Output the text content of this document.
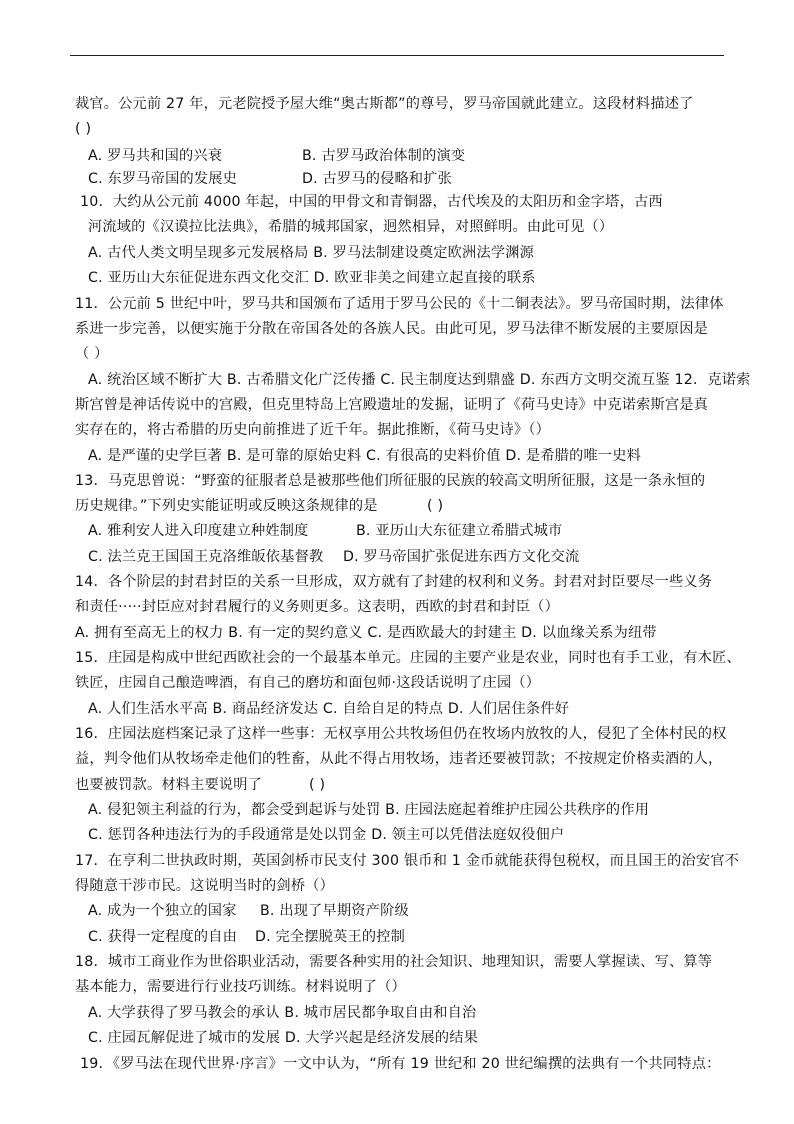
裁官。公元前 27 年，元老院授予屋大维“奥古斯都”的尊号，罗马帝国就此建立。这段材料描述了
( )
A. 罗马共和国的兴衰	B. 古罗马政治体制的演变
C. 东罗马帝国的发展史	D. 古罗马的侵略和扩张
10．大约从公元前 4000 年起，中国的甲骨文和青铜器，古代埃及的太阳历和金字塔，古西
河流域的《汉谟拉比法典》，希腊的城邦国家，迥然相异，对照鲜明。由此可见（）
A. 古代人类文明呈现多元发展格局 B. 罗马法制建设奠定欧洲法学渊源
C. 亚历山大东征促进东西文化交汇 D. 欧亚非美之间建立起直接的联系
11．公元前 5 世纪中叶，罗马共和国颁布了适用于罗马公民的《十二铜表法》。罗马帝国时期，法律体
系进一步完善，以便实施于分散在帝国各处的各族人民。由此可见，罗马法律不断发展的主要原因是
（ ）
A. 统治区域不断扩大 B. 古希腊文化广泛传播 C. 民主制度达到鼎盛 D. 东西方文明交流互鉴 12．克诺索
斯宫曾是神话传说中的宫殿，但克里特岛上宫殿遗址的发掘，证明了《荷马史诗》中克诺索斯宫是真
实存在的，将古希腊的历史向前推进了近千年。据此推断，《荷马史诗》（）
A. 是严谨的史学巨著 B. 是可靠的原始史料 C. 有很高的史料价值 D. 是希腊的唯一史料
13．马克思曾说：“野蛮的征服者总是被那些他们所征服的民族的较高文明所征服，这是一条永恒的
历史规律。”下列史实能证明或反映这条规律的是	( )
A. 雅利安人进入印度建立种姓制度	B. 亚历山大东征建立希腊式城市
C. 法兰克王国国王克洛维皈依基督教 D. 罗马帝国扩张促进东西方文化交流
14．各个阶层的封君封臣的关系一旦形成，双方就有了封建的权利和义务。封君对封臣要尽一些义务
和责任·····封臣应对封君履行的义务则更多。这表明，西欧的封君和封臣（）
A. 拥有至高无上的权力 B. 有一定的契约意义 C. 是西欧最大的封建主 D. 以血缘关系为纽带
15．庄园是构成中世纪西欧社会的一个最基本单元。庄园的主要产业是农业，同时也有手工业，有木匠、
铁匠，庄园自己酿造啤酒，有自己的磨坊和面包师·这段话说明了庄园（）
A. 人们生活水平高 B. 商品经济发达 C. 自给自足的特点 D. 人们居住条件好
16．庄园法庭档案记录了这样一些事：无权享用公共牧场但仍在牧场内放牧的人，侵犯了全体村民的权
益，判令他们从牧场牵走他们的牲畜，从此不得占用牧场，违者还要被罚款；不按规定价格卖酒的人，
也要被罚款。材料主要说明了	( )
A. 侵犯领主利益的行为，都会受到起诉与处罚 B. 庄园法庭起着维护庄园公共秩序的作用
C. 惩罚各种违法行为的手段通常是处以罚金 D. 领主可以凭借法庭奴役佃户
17．在亨利二世执政时期，英国剑桥市民支付 300 银币和 1 金币就能获得包税权，而且国王的治安官不
得随意干涉市民。这说明当时的剑桥（）
A. 成为一个独立的国家 B. 出现了早期资产阶级
C. 获得一定程度的自由 D. 完全摆脱英王的控制
18．城市工商业作为世俗职业活动，需要各种实用的社会知识、地理知识，需要人掌握读、写、算等
基本能力，需要进行行业技巧训练。材料说明了（）
A. 大学获得了罗马教会的承认 B. 城市居民都争取自由和自治
C. 庄园瓦解促进了城市的发展 D. 大学兴起是经济发展的结果
19．《罗马法在现代世界·序言》一文中认为，“所有 19 世纪和 20 世纪编撰的法典有一个共同特点：
